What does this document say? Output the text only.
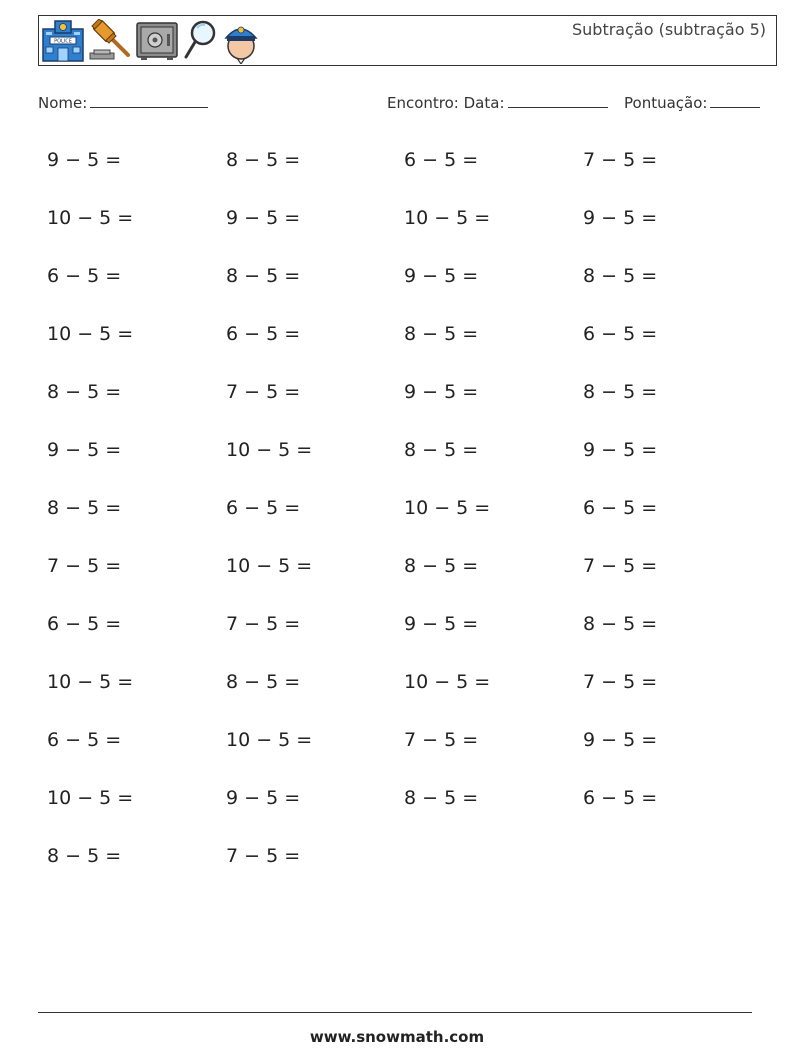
POLICE
Subtração (subtração 5)
Nome:	Encontro: Data:	Pontuação:
9 − 5 =	8 − 5 =	6 − 5 =	7 − 5 =
10 − 5 =	9 − 5 =	10 − 5 =	9 − 5 =
6 − 5 =	8 − 5 =	9 − 5 =	8 − 5 =
10 − 5 =	6 − 5 =	8 − 5 =	6 − 5 =
8 − 5 =	7 − 5 =	9 − 5 =	8 − 5 =
9 − 5 =	10 − 5 =	8 − 5 =	9 − 5 =
8 − 5 =	6 − 5 =	10 − 5 =	6 − 5 =
7 − 5 =	10 − 5 =	8 − 5 =	7 − 5 =
6 − 5 =	7 − 5 =	9 − 5 =	8 − 5 =
10 − 5 =	8 − 5 =	10 − 5 =	7 − 5 =
6 − 5 =	10 − 5 =	7 − 5 =	9 − 5 =
10 − 5 =	9 − 5 =	8 − 5 =	6 − 5 =
8 − 5 =	7 − 5 =
www.snowmath.com
